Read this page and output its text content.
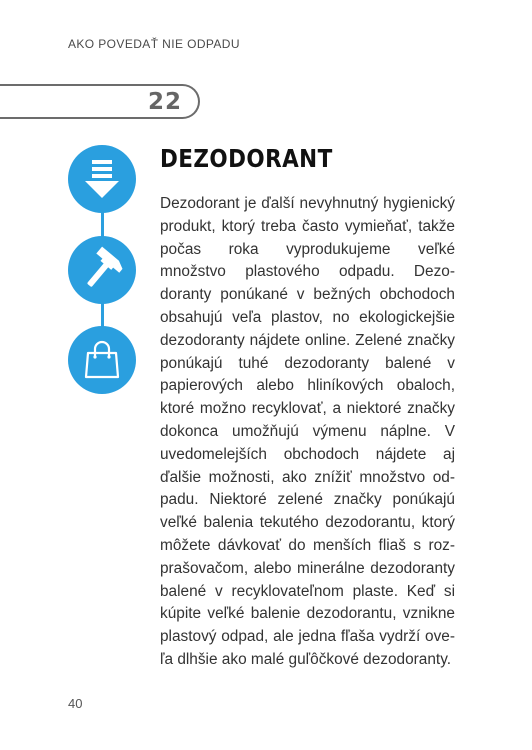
AKO POVEDAŤ NIE ODPADU
22
DEZODORANT

Dezodorant je ďalší nevyhnutný hygienický produkt, ktorý treba často vymieňať, takže počas roka vyprodukujeme veľké množstvo plastového odpadu. Dezodoranty ponúkané v bežných obchodoch obsahujú veľa plastov, no ekologickejšie dezodoranty nájdete online. Zelené značky ponúkajú tuhé dezodoranty balené v papierových alebo hliníkových obaloch, ktoré možno recyklovať, a niektoré značky dokonca umožňujú výmenu náplne. V uvedomelejších obchodoch nájdete aj ďalšie možnosti, ako znížiť množstvo odpadu. Niektoré zelené značky ponúkajú veľké balenia tekutého dezodorantu, ktorý môžete dávkovať do menších fliaš s rozprašovačom, alebo minerálne dezodoranty balené v recyklovateľnom plaste. Keď si kúpite veľké balenie dezodorantu, vznikne plastový odpad, ale jedna fľaša vydrží oveľa dlhšie ako malé guľôčkové dezodoranty.

40
